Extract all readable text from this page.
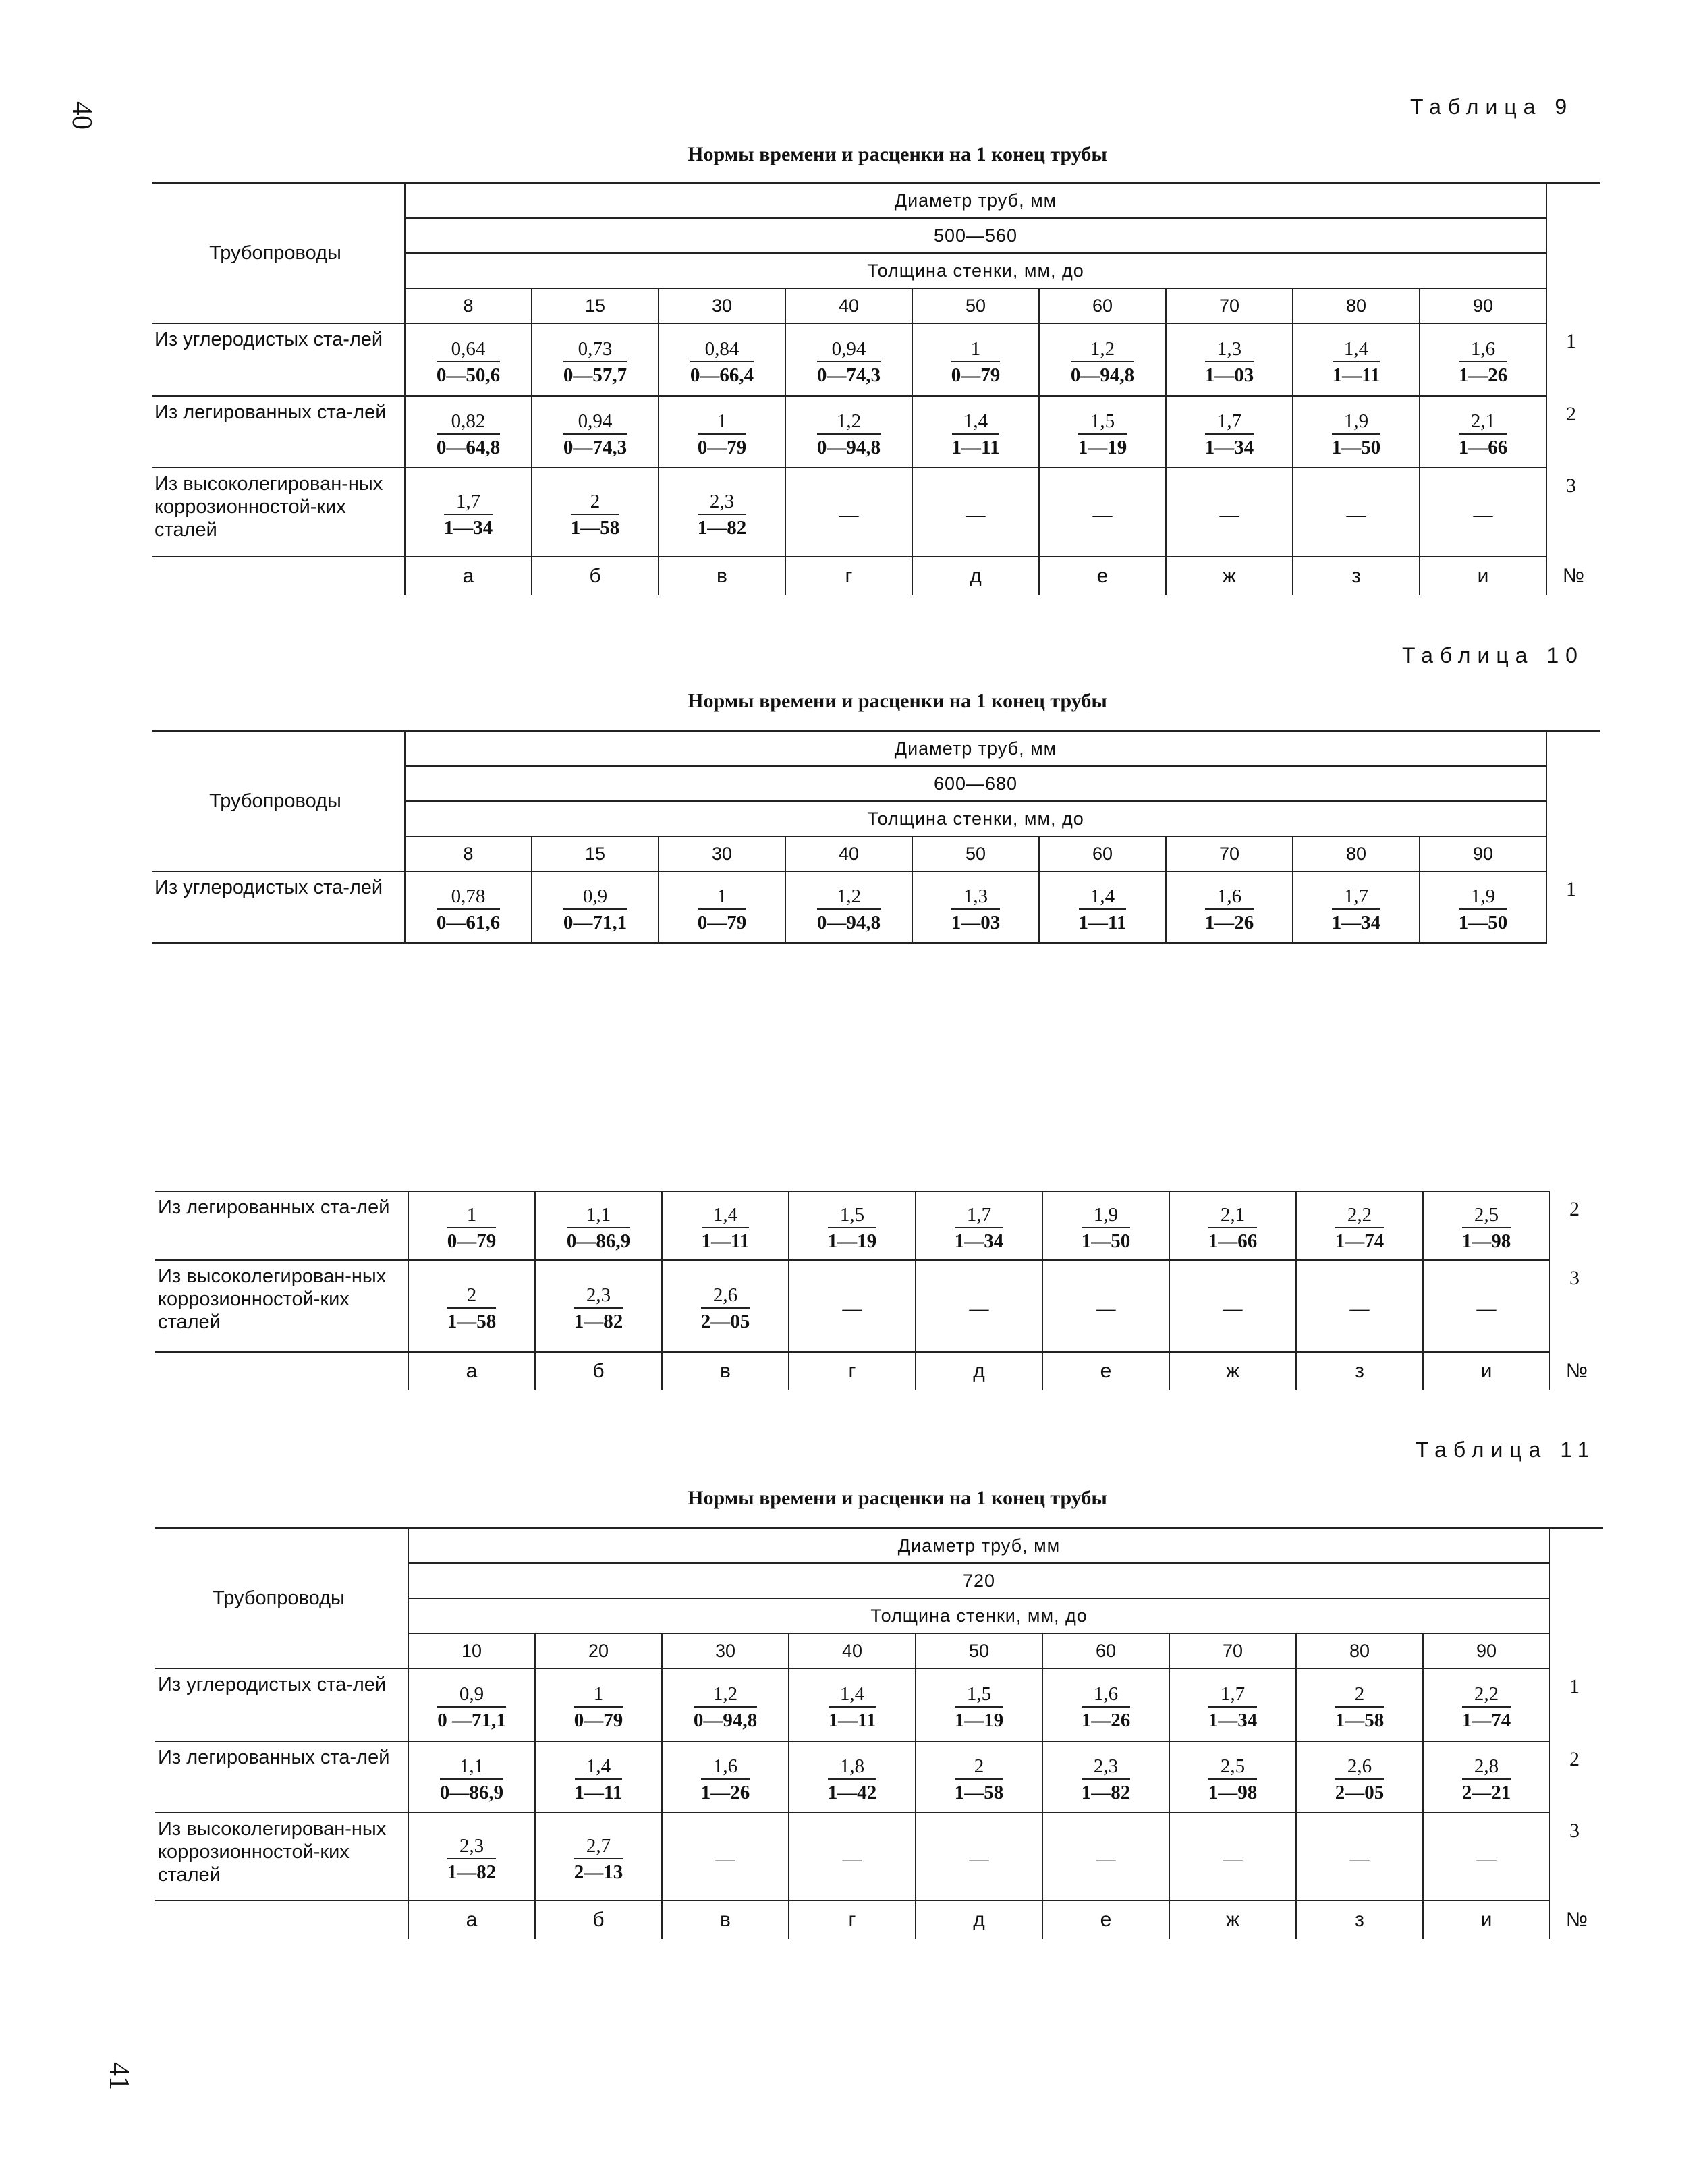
40
41
Таблица 9
Нормы времени и расценки на 1 конец трубы
Трубопроводы	Диаметр труб, мм									
	500—560									
	Толщина стенки, мм, до									
	8	15	30	40	50	60	70	80	90	
Из углеродистых ста-лей	$\frac{0,64}{0—50,6}$	$\frac{0,73}{0—57,7}$	$\frac{0,84}{0—66,4}$	$\frac{0,94}{0—74,3}$	$\frac{1}{0—79}$	$\frac{1,2}{0—94,8}$	$\frac{1,3}{1—03}$	$\frac{1,4}{1—11}$	$\frac{1,6}{1—26}$	1
Из легированных ста-лей	$\frac{0,82}{0—64,8}$	$\frac{0,94}{0—74,3}$	$\frac{1}{0—79}$	$\frac{1,2}{0—94,8}$	$\frac{1,4}{1—11}$	$\frac{1,5}{1—19}$	$\frac{1,7}{1—34}$	$\frac{1,9}{1—50}$	$\frac{2,1}{1—66}$	2
Из высоколегирован-ных коррозионностой-ких сталей	$\frac{1,7}{1—34}$	$\frac{2}{1—58}$	$\frac{2,3}{1—82}$	—	—	—	—	—	—	3
	а	б	в	г	д	е	ж	з	и	№
Таблица 10
Нормы времени и расценки на 1 конец трубы
Трубопроводы	Диаметр труб, мм									
	600—680									
	Толщина стенки, мм, до									
	8	15	30	40	50	60	70	80	90	
Из углеродистых ста-лей	$\frac{0,78}{0—61,6}$	$\frac{0,9}{0—71,1}$	$\frac{1}{0—79}$	$\frac{1,2}{0—94,8}$	$\frac{1,3}{1—03}$	$\frac{1,4}{1—11}$	$\frac{1,6}{1—26}$	$\frac{1,7}{1—34}$	$\frac{1,9}{1—50}$	1

Из легированных ста-лей	$\frac{1}{0—79}$	$\frac{1,1}{0—86,9}$	$\frac{1,4}{1—11}$	$\frac{1,5}{1—19}$	$\frac{1,7}{1—34}$	$\frac{1,9}{1—50}$	$\frac{2,1}{1—66}$	$\frac{2,2}{1—74}$	$\frac{2,5}{1—98}$	2
Из высоколегирован-ных коррозионностой-ких сталей	$\frac{2}{1—58}$	$\frac{2,3}{1—82}$	$\frac{2,6}{2—05}$	—	—	—	—	—	—	3
	а	б	в	г	д	е	ж	з	и	№
Таблица 11
Нормы времени и расценки на 1 конец трубы
Трубопроводы	Диаметр труб, мм									
	720									
	Толщина стенки, мм, до									
	10	20	30	40	50	60	70	80	90	
Из углеродистых ста-лей	$\frac{0,9}{0 —71,1}$	$\frac{1}{0—79}$	$\frac{1,2}{0—94,8}$	$\frac{1,4}{1—11}$	$\frac{1,5}{1—19}$	$\frac{1,6}{1—26}$	$\frac{1,7}{1—34}$	$\frac{2}{1—58}$	$\frac{2,2}{1—74}$	1
Из легированных ста-лей	$\frac{1,1}{0—86,9}$	$\frac{1,4}{1—11}$	$\frac{1,6}{1—26}$	$\frac{1,8}{1—42}$	$\frac{2}{1—58}$	$\frac{2,3}{1—82}$	$\frac{2,5}{1—98}$	$\frac{2,6}{2—05}$	$\frac{2,8}{2—21}$	2
Из высоколегирован-ных коррозионностой-ких сталей	$\frac{2,3}{1—82}$	$\frac{2,7}{2—13}$	—	—	—	—	—	—	—	3
	а	б	в	г	д	е	ж	з	и	№
